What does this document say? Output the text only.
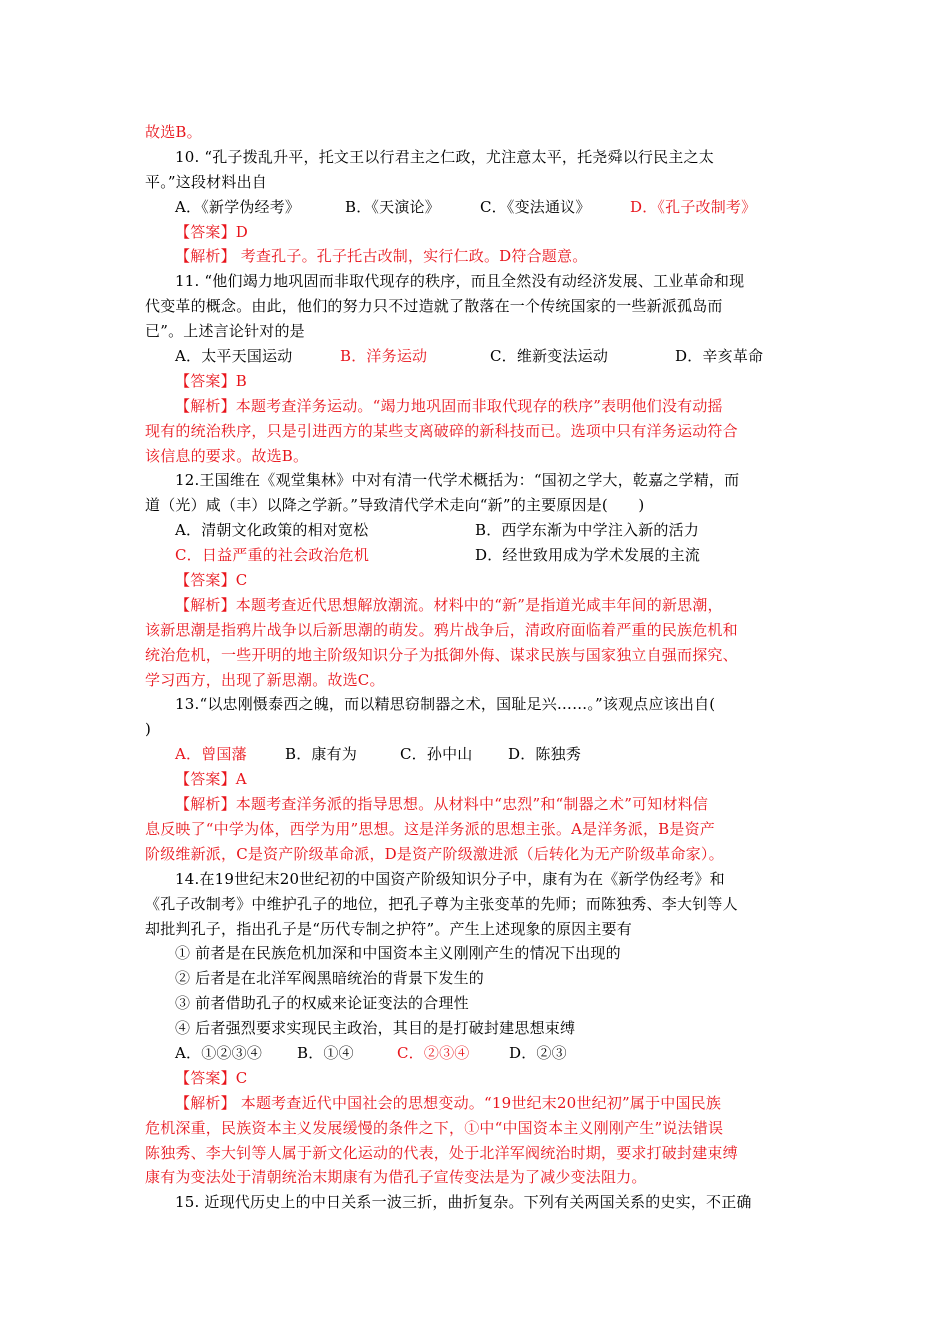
故选B。
10. “孔子拨乱升平，托文王以行君主之仁政，尤注意太平，托尧舜以行民主之太
平。”这段材料出自
A．《新学伪经考》	B．《天演论》	C．《变法通议》	D．《孔子改制考》
【答案】D
【解析】 考查孔子。孔子托古改制，实行仁政。D符合题意。
11. “他们竭力地巩固而非取代现存的秩序，而且全然没有动经济发展、工业革命和现
代变革的概念。由此，他们的努力只不过造就了散落在一个传统国家的一些新派孤岛而
已”。上述言论针对的是
A．太平天国运动	B．洋务运动	C．维新变法运动	D．辛亥革命
【答案】B
【解析】本题考查洋务运动。“竭力地巩固而非取代现存的秩序”表明他们没有动摇
现有的统治秩序，只是引进西方的某些支离破碎的新科技而已。选项中只有洋务运动符合
该信息的要求。故选B。
12.王国维在《观堂集林》中对有清一代学术概括为：“国初之学大，乾嘉之学精，而
道（光）咸（丰）以降之学新。”导致清代学术走向“新”的主要原因是(　　)
A．清朝文化政策的相对宽松	B．西学东渐为中学注入新的活力
C．日益严重的社会政治危机	D．经世致用成为学术发展的主流
【答案】C
【解析】本题考查近代思想解放潮流。材料中的“新”是指道光咸丰年间的新思潮，
该新思潮是指鸦片战争以后新思潮的萌发。鸦片战争后，清政府面临着严重的民族危机和
统治危机，一些开明的地主阶级知识分子为抵御外侮、谋求民族与国家独立自强而探究、
学习西方，出现了新思潮。故选C。
13.“以忠刚慑泰西之魄，而以精思窃制器之术，国耻足兴……。”该观点应该出自(
)
A．曾国藩	B．康有为	C．孙中山 D．陈独秀
【答案】A
【解析】本题考查洋务派的指导思想。从材料中“忠烈”和“制器之术”可知材料信
息反映了“中学为体，西学为用”思想。这是洋务派的思想主张。A是洋务派，B是资产
阶级维新派，C是资产阶级革命派，D是资产阶级激进派（后转化为无产阶级革命家）。
14.在19世纪末20世纪初的中国资产阶级知识分子中，康有为在《新学伪经考》和
《孔子改制考》中维护孔子的地位，把孔子尊为主张变革的先师；而陈独秀、李大钊等人
却批判孔子，指出孔子是“历代专制之护符”。产生上述现象的原因主要有
① 前者是在民族危机加深和中国资本主义刚刚产生的情况下出现的
② 后者是在北洋军阀黑暗统治的背景下发生的
③ 前者借助孔子的权威来论证变法的合理性
④ 后者强烈要求实现民主政治，其目的是打破封建思想束缚
A．①②③④ B．①④	C．②③④	D．②③
【答案】C
【解析】 本题考查近代中国社会的思想变动。“19世纪末20世纪初”属于中国民族
危机深重，民族资本主义发展缓慢的条件之下，①中“中国资本主义刚刚产生”说法错误
陈独秀、李大钊等人属于新文化运动的代表，处于北洋军阀统治时期，要求打破封建束缚
康有为变法处于清朝统治末期康有为借孔子宣传变法是为了减少变法阻力。
15. 近现代历史上的中日关系一波三折，曲折复杂。下列有关两国关系的史实，不正确
